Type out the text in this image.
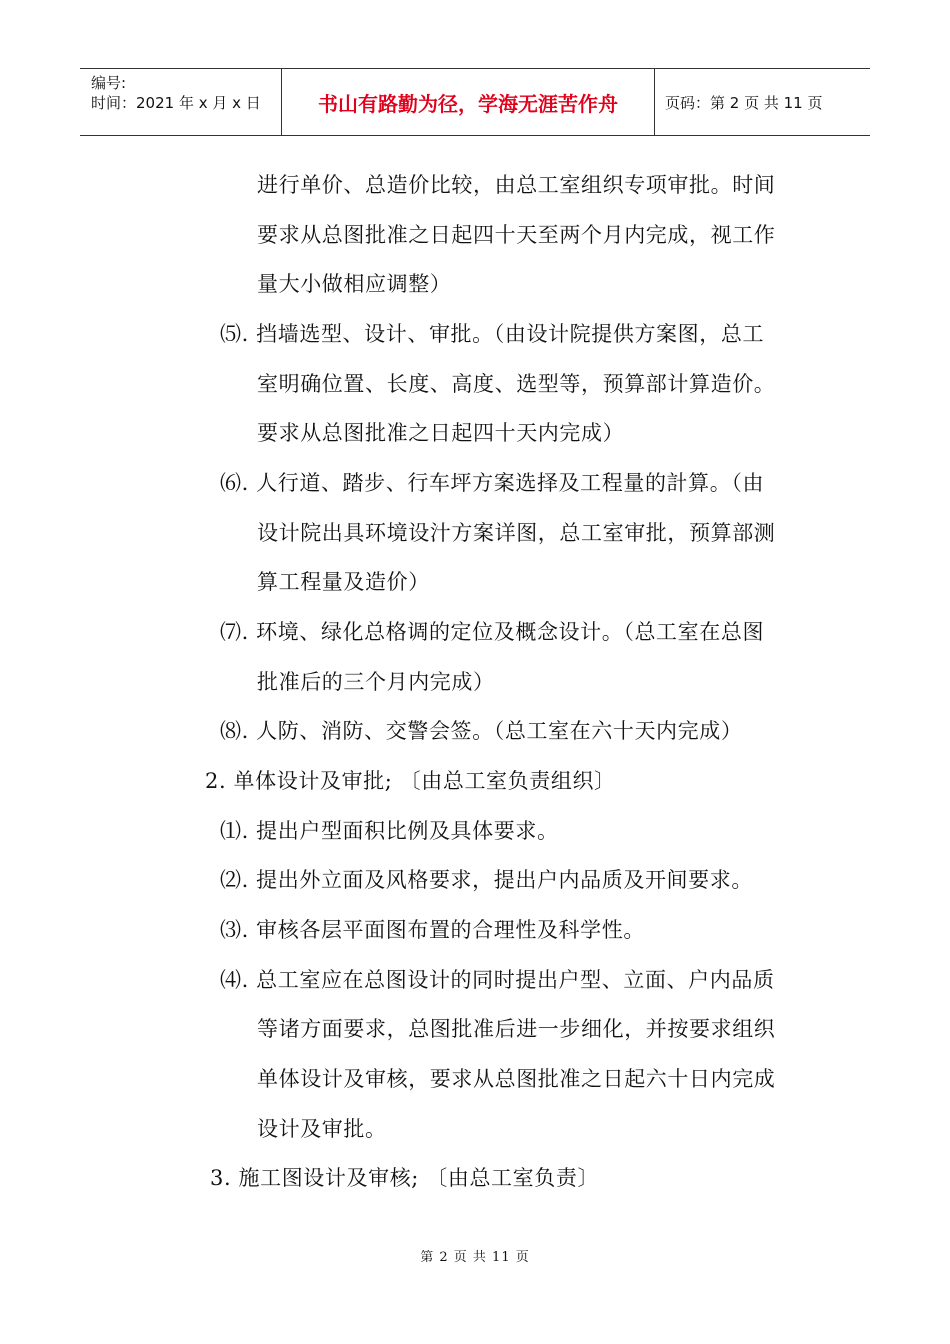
编号:
时间：2021 年 x 月 x 日	书山有路勤为径，学海无涯苦作舟	页码：第 2 页 共 11 页
进行单价、总造价比较，由总工室组织专项审批。时间
要求从总图批准之日起四十天至两个月内完成，视工作
量大小做相应调整）
⑸. 挡墙选型、设计、审批。（由设计院提供方案图，总工
室明确位置、长度、高度、选型等，预算部计算造价。
要求从总图批准之日起四十天内完成）
⑹. 人行道、踏步、行车坪方案选择及工程量的計算。（由
设计院出具环境设汁方案详图，总工室审批，预算部测
算工程量及造价）
⑺. 环境、绿化总格调的定位及概念设计。（总工室在总图
批准后的三个月内完成）
⑻. 人防、消防、交警会签。（总工室在六十天内完成）
2. 单体设计及审批; 〔由总工室负责组织〕
⑴. 提出户型面积比例及具体要求。
⑵. 提出外立面及风格要求，提出户内品质及开间要求。
⑶. 审核各层平面图布置的合理性及科学性。
⑷. 总工室应在总图设计的同时提出户型、立面、户内品质
等诸方面要求，总图批准后进一步细化，并按要求组织
单体设计及审核，要求从总图批准之日起六十日内完成
设计及审批。
3. 施工图设计及审核; 〔由总工室负责〕
第 2 页 共 11 页
